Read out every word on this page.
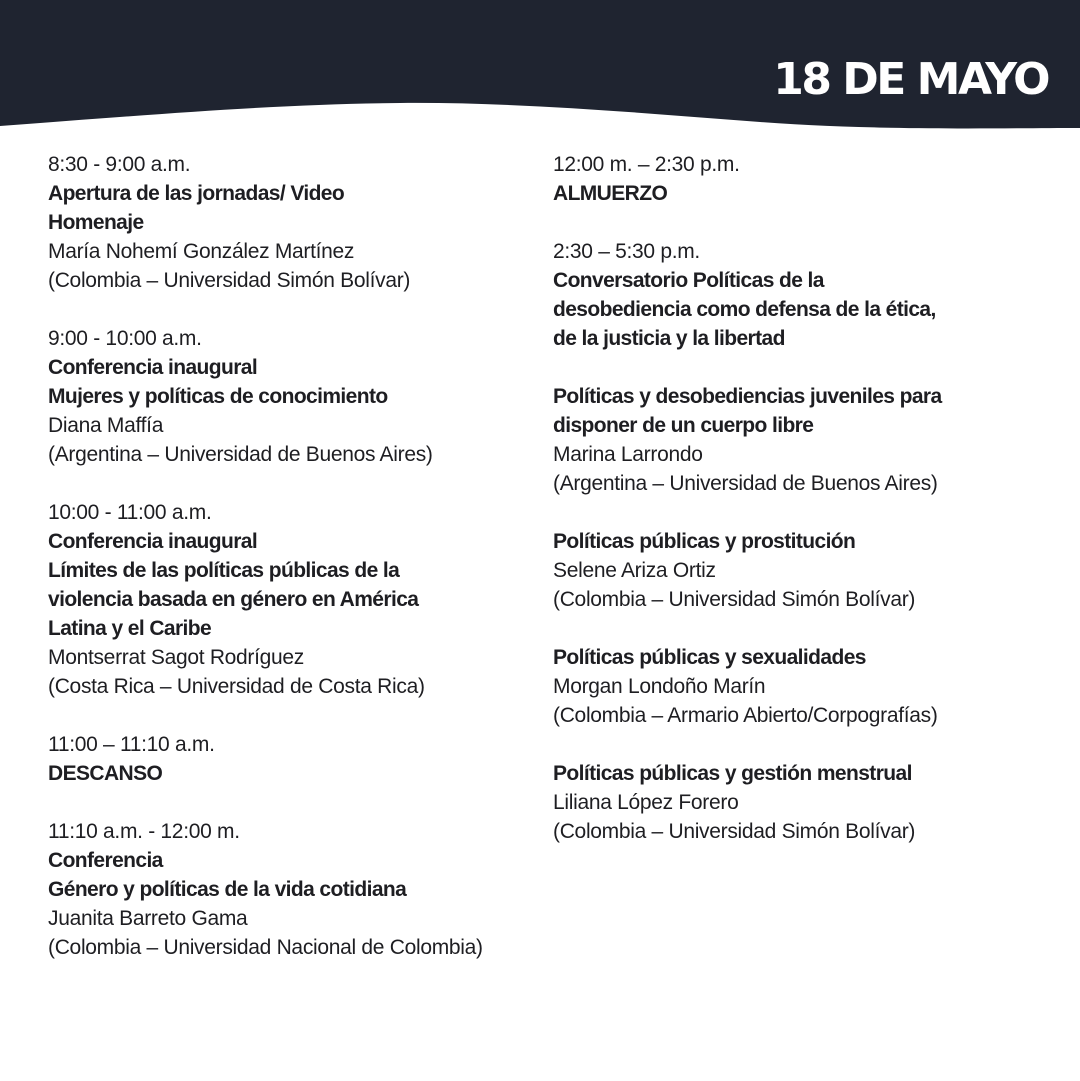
18 DE MAYO
8:30 - 9:00 a.m.
Apertura de las jornadas/ Video
Homenaje
María Nohemí González Martínez
(Colombia – Universidad Simón Bolívar)
9:00 - 10:00 a.m.
Conferencia inaugural
Mujeres y políticas de conocimiento
Diana Maffía
(Argentina – Universidad de Buenos Aires)
10:00 - 11:00 a.m.
Conferencia inaugural
Límites de las políticas públicas de la
violencia basada en género en América
Latina y el Caribe
Montserrat Sagot Rodríguez
(Costa Rica – Universidad de Costa Rica)
11:00 – 11:10 a.m.
DESCANSO
11:10 a.m. - 12:00 m.
Conferencia
Género y políticas de la vida cotidiana
Juanita Barreto Gama
(Colombia – Universidad Nacional de Colombia)
12:00 m. – 2:30 p.m.
ALMUERZO
2:30 – 5:30 p.m.
Conversatorio Políticas de la
desobediencia como defensa de la ética,
de la justicia y la libertad
Políticas y desobediencias juveniles para
disponer de un cuerpo libre
Marina Larrondo
(Argentina – Universidad de Buenos Aires)
Políticas públicas y prostitución
Selene Ariza Ortiz
(Colombia – Universidad Simón Bolívar)
Políticas públicas y sexualidades
Morgan Londoño Marín
(Colombia – Armario Abierto/Corpografías)
Políticas públicas y gestión menstrual
Liliana López Forero
(Colombia – Universidad Simón Bolívar)
